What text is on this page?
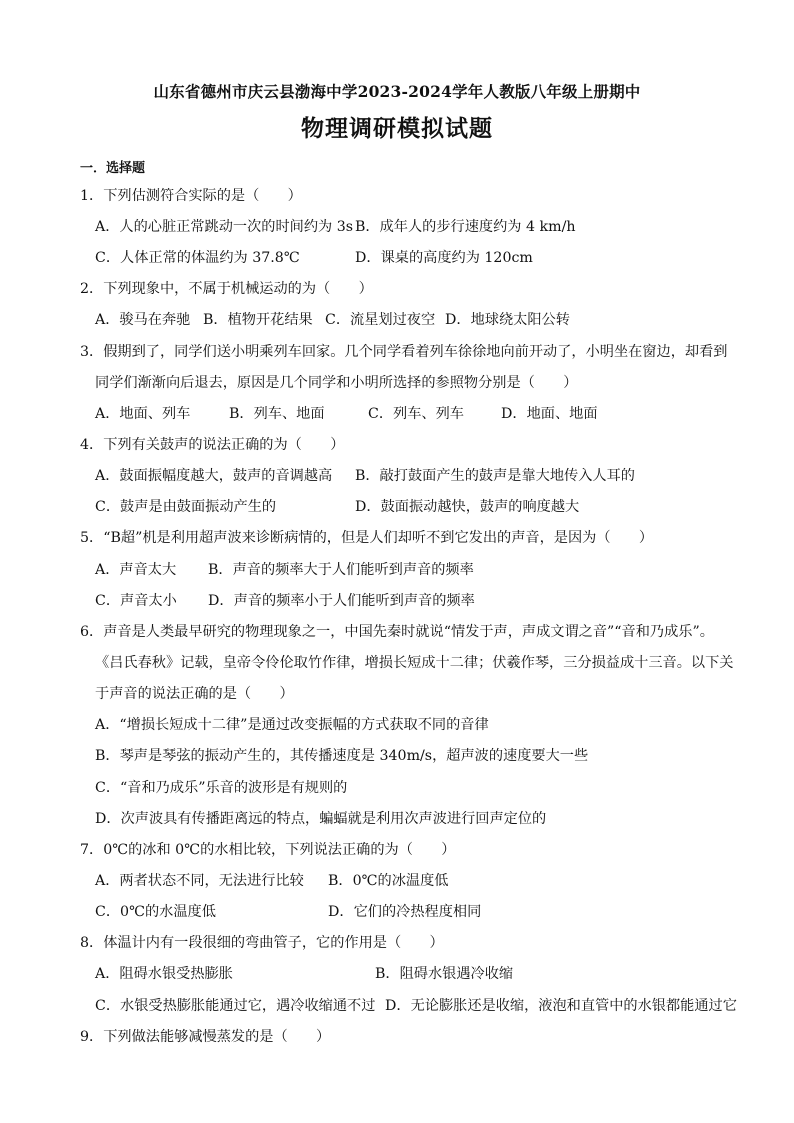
山东省德州市庆云县渤海中学2023-2024学年人教版八年级上册期中
物理调研模拟试题
一．选择题
1．下列估测符合实际的是（　　）
A．人的心脏正常跳动一次的时间约为 3s B．成年人的步行速度约为 4 km/h
C．人体正常的体温约为 37.8℃	D．课桌的高度约为 120cm
2．下列现象中，不属于机械运动的为（　　）
A．骏马在奔驰 B．植物开花结果 C．流星划过夜空 D．地球绕太阳公转
3．假期到了，同学们送小明乘列车回家。几个同学看着列车徐徐地向前开动了，小明坐在窗边，却看到
同学们渐渐向后退去，原因是几个同学和小明所选择的参照物分别是（　　）
A．地面、列车	B．列车、地面	C．列车、列车	D．地面、地面
4．下列有关鼓声的说法正确的为（　　）
A．鼓面振幅度越大，鼓声的音调越高 B．敲打鼓面产生的鼓声是靠大地传入人耳的
C．鼓声是由鼓面振动产生的	D．鼓面振动越快，鼓声的响度越大
5．“B超”机是利用超声波来诊断病情的，但是人们却听不到它发出的声音，是因为（　　）
A．声音太大 B．声音的频率大于人们能听到声音的频率
C．声音太小 D．声音的频率小于人们能听到声音的频率
6．声音是人类最早研究的物理现象之一，中国先秦时就说“情发于声，声成文谓之音”“音和乃成乐”。
《吕氏春秋》记载，皇帝令伶伦取竹作律，增损长短成十二律；伏羲作琴，三分损益成十三音。以下关
于声音的说法正确的是（　　）
A．“增损长短成十二律”是通过改变振幅的方式获取不同的音律
B．琴声是琴弦的振动产生的，其传播速度是 340m/s，超声波的速度要大一些
C．“音和乃成乐”乐音的波形是有规则的
D．次声波具有传播距离远的特点，蝙蝠就是利用次声波进行回声定位的
7．0℃的冰和 0℃的水相比较，下列说法正确的为（　　）
A．两者状态不同，无法进行比较 B．0℃的冰温度低
C．0℃的水温度低	D．它们的冷热程度相同
8．体温计内有一段很细的弯曲管子，它的作用是（　　）
A．阻碍水银受热膨胀	B．阻碍水银遇冷收缩
C．水银受热膨胀能通过它，遇冷收缩通不过 D．无论膨胀还是收缩，液泡和直管中的水银都能通过它
9．下列做法能够减慢蒸发的是（　　）
